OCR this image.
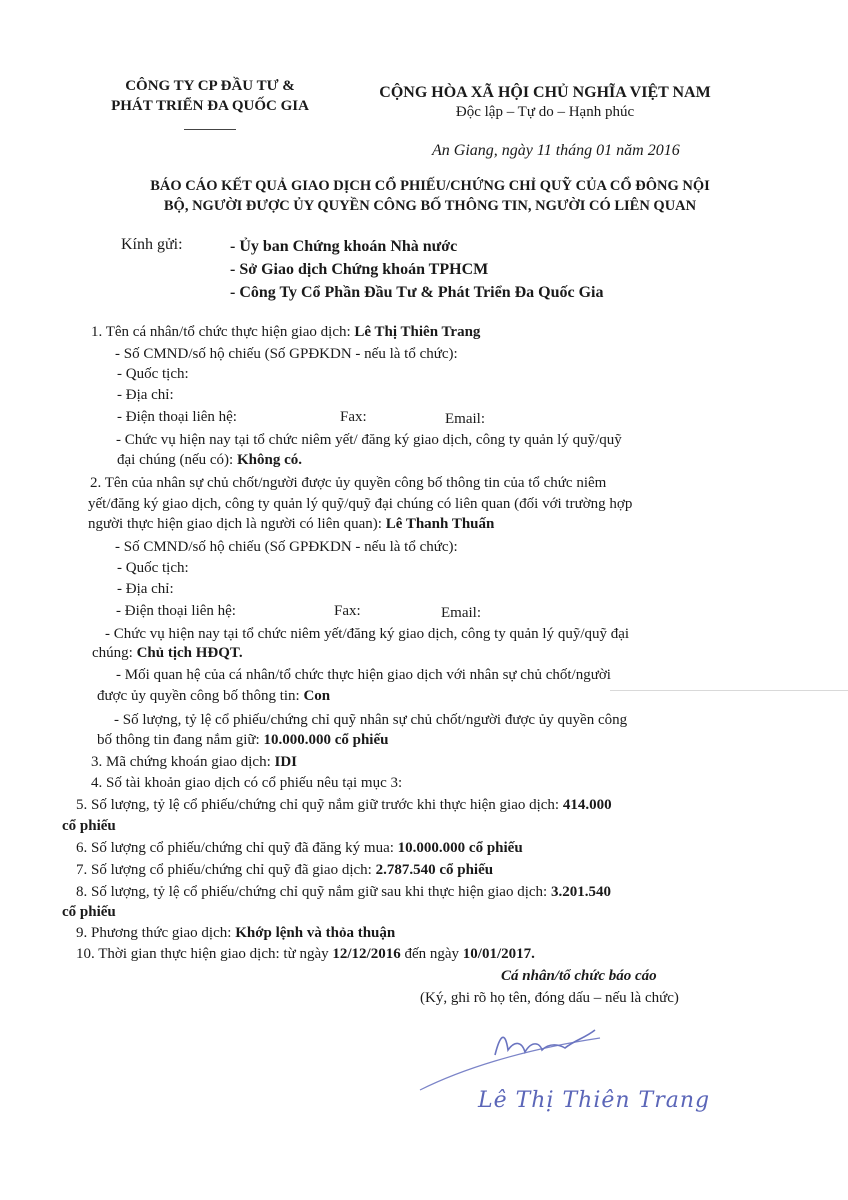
CÔNG TY CP ĐẦU TƯ &
PHÁT TRIỂN ĐA QUỐC GIA
CỘNG HÒA XÃ HỘI CHỦ NGHĨA VIỆT NAM
Độc lập – Tự do – Hạnh phúc
An Giang, ngày 11 tháng 01 năm 2016
BÁO CÁO KẾT QUẢ GIAO DỊCH CỔ PHIẾU/CHỨNG CHỈ QUỸ CỦA CỔ ĐÔNG NỘI
BỘ, NGƯỜI ĐƯỢC ỦY QUYỀN CÔNG BỐ THÔNG TIN, NGƯỜI CÓ LIÊN QUAN
Kính gửi:	- Ủy ban Chứng khoán Nhà nước
- Sở Giao dịch Chứng khoán TPHCM
- Công Ty Cổ Phần Đầu Tư & Phát Triển Đa Quốc Gia
1. Tên cá nhân/tổ chức thực hiện giao dịch: Lê Thị Thiên Trang
- Số CMND/số hộ chiếu (Số GPĐKDN - nếu là tổ chức):
- Quốc tịch:
- Địa chỉ:
- Điện thoại liên hệ:	Fax:	Email:
- Chức vụ hiện nay tại tổ chức niêm yết/ đăng ký giao dịch, công ty quản lý quỹ/quỹ
đại chúng (nếu có): Không có.
2. Tên của nhân sự chủ chốt/người được ủy quyền công bố thông tin của tổ chức niêm
yết/đăng ký giao dịch, công ty quản lý quỹ/quỹ đại chúng có liên quan (đối với trường hợp
người thực hiện giao dịch là người có liên quan): Lê Thanh Thuấn
- Số CMND/số hộ chiếu (Số GPĐKDN - nếu là tổ chức):
- Quốc tịch:
- Địa chỉ:
- Điện thoại liên hệ:	Fax:	Email:
- Chức vụ hiện nay tại tổ chức niêm yết/đăng ký giao dịch, công ty quản lý quỹ/quỹ đại
chúng: Chủ tịch HĐQT.
- Mối quan hệ của cá nhân/tổ chức thực hiện giao dịch với nhân sự chủ chốt/người
được ủy quyền công bố thông tin: Con
- Số lượng, tỷ lệ cổ phiếu/chứng chỉ quỹ nhân sự chủ chốt/người được ủy quyền công
bố thông tin đang nắm giữ: 10.000.000 cổ phiếu
3. Mã chứng khoán giao dịch: IDI
4. Số tài khoản giao dịch có cổ phiếu nêu tại mục 3:
5. Số lượng, tỷ lệ cổ phiếu/chứng chỉ quỹ nắm giữ trước khi thực hiện giao dịch: 414.000
cổ phiếu
6. Số lượng cổ phiếu/chứng chỉ quỹ đã đăng ký mua: 10.000.000 cổ phiếu
7. Số lượng cổ phiếu/chứng chỉ quỹ đã giao dịch: 2.787.540 cổ phiếu
8. Số lượng, tỷ lệ cổ phiếu/chứng chỉ quỹ nắm giữ sau khi thực hiện giao dịch: 3.201.540
cổ phiếu
9. Phương thức giao dịch: Khớp lệnh và thỏa thuận
10. Thời gian thực hiện giao dịch: từ ngày 12/12/2016 đến ngày 10/01/2017.
Cá nhân/tổ chức báo cáo
(Ký, ghi rõ họ tên, đóng dấu – nếu là chức)
Lê Thị Thiên Trang
